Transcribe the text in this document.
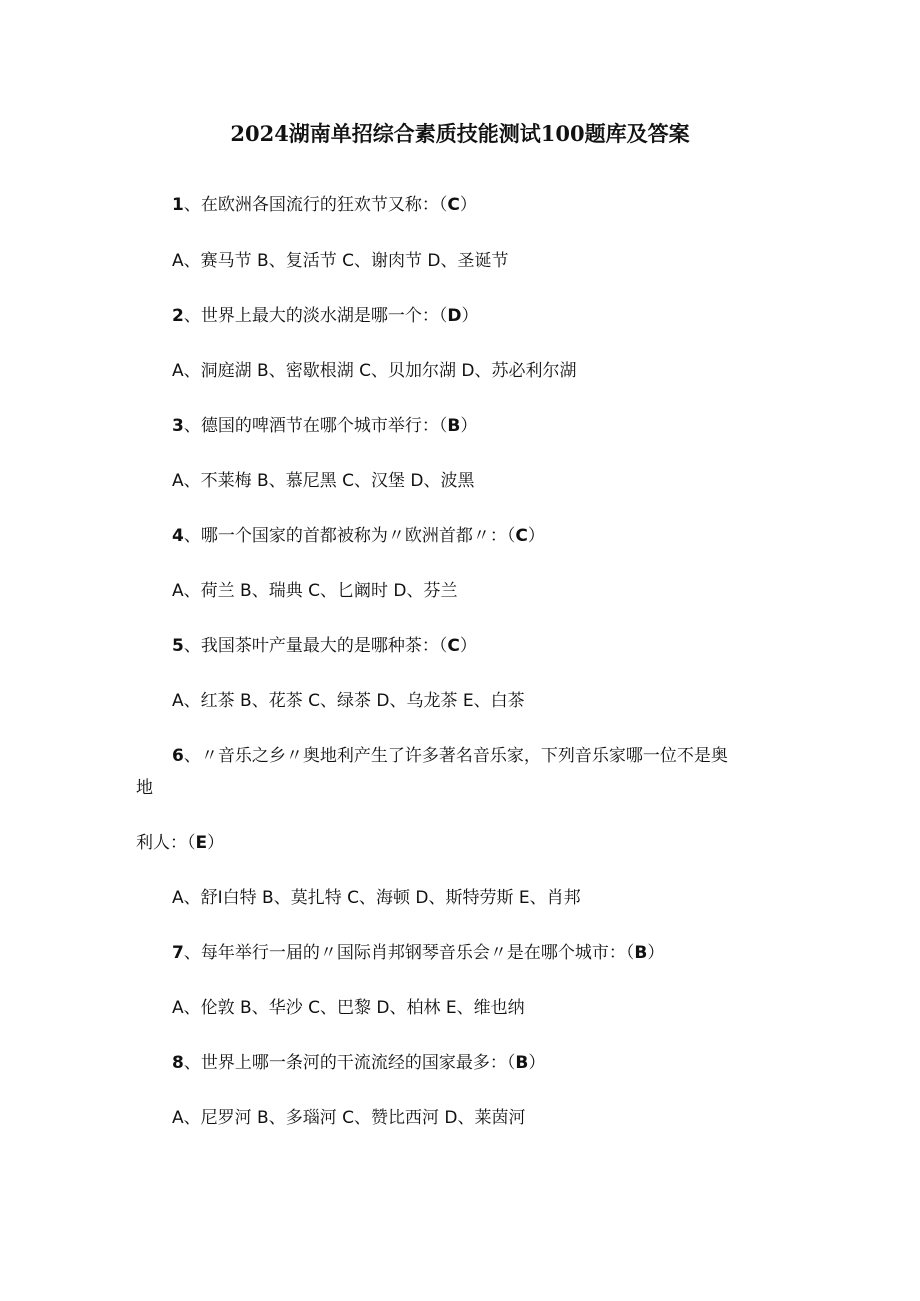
2024湖南单招综合素质技能测试100题库及答案

1、在欧洲各国流行的狂欢节又称：（C）

A、赛马节 B、复活节 C、谢肉节 D、圣诞节

2、世界上最大的淡水湖是哪一个：（D）

A、洞庭湖 B、密歇根湖 C、贝加尔湖 D、苏必利尔湖

3、德国的啤酒节在哪个城市举行：（B）

A、不莱梅 B、慕尼黑 C、汉堡 D、波黑

4、哪一个国家的首都被称为〃欧洲首都〃：（C）

A、荷兰 B、瑞典 C、匕阚时 D、芬兰

5、我国茶叶产量最大的是哪种茶：（C）

A、红茶 B、花茶 C、绿茶 D、乌龙茶 E、白茶

6、〃音乐之乡〃奥地利产生了许多著名音乐家，下列音乐家哪一位不是奥

地

利人：（E）

A、舒I白特 B、莫扎特 C、海顿 D、斯特劳斯 E、肖邦

7、每年举行一届的〃国际肖邦钢琴音乐会〃是在哪个城市：（B）

A、伦敦 B、华沙 C、巴黎 D、柏林 E、维也纳

8、世界上哪一条河的干流流经的国家最多：（B）

A、尼罗河 B、多瑙河 C、赞比西河 D、莱茵河
